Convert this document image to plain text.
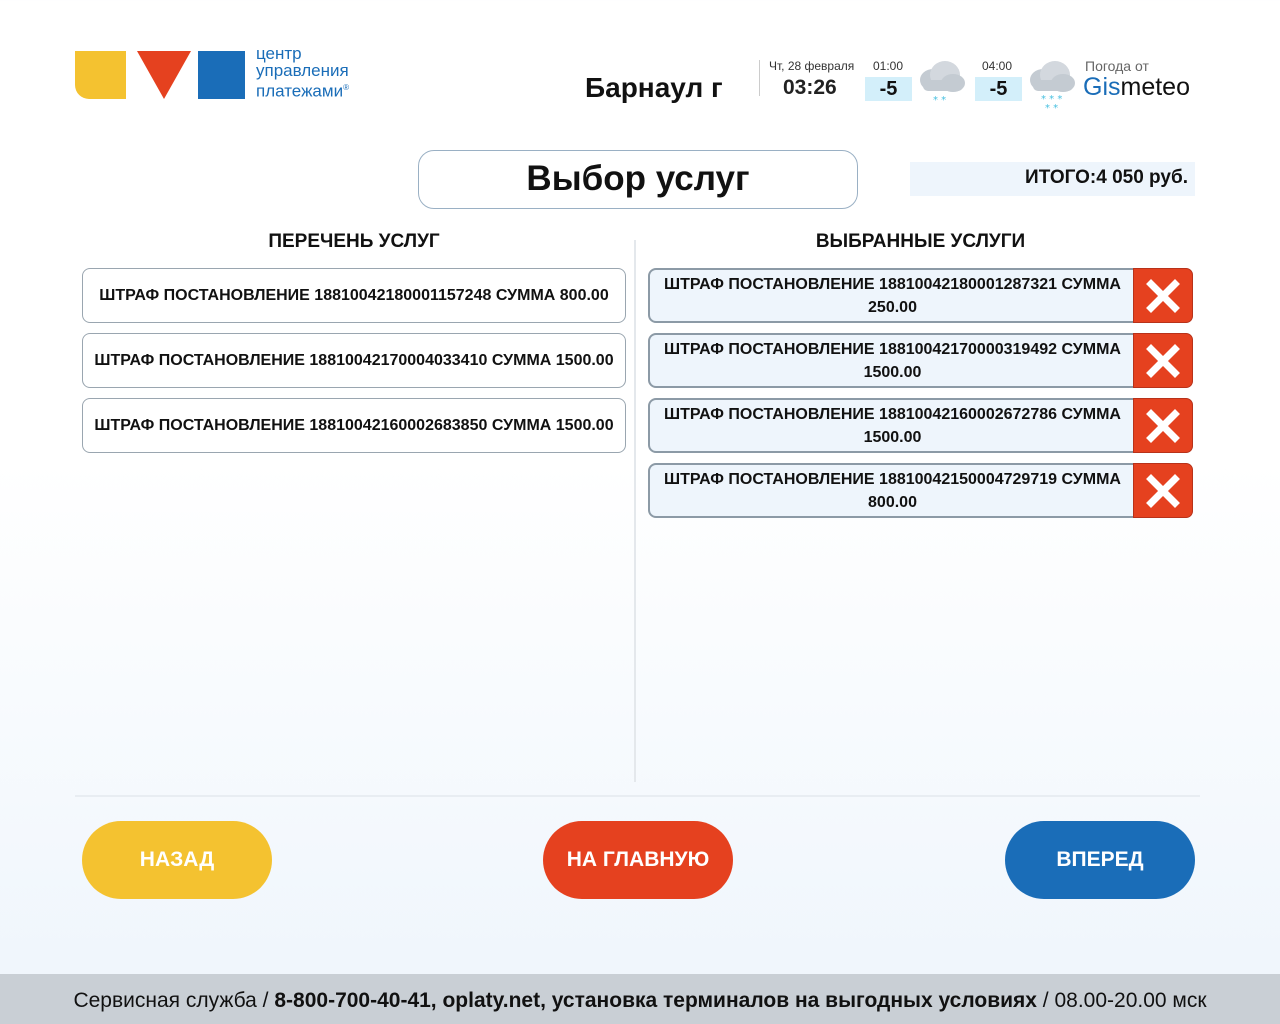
центр
управления
платежами®	Барнаул г
Чт, 28 февраля
03:26
01:00
-5
* *
04:00
-5	* * *
* *
Погода от
Gismeteo
Выбор услуг	ИТОГО:4 050 руб.
ПЕРЕЧЕНЬ УСЛУГ	ВЫБРАННЫЕ УСЛУГИ
ШТРАФ ПОСТАНОВЛЕНИЕ 18810042180001157248 СУММА 800.00
ШТРАФ ПОСТАНОВЛЕНИЕ 18810042170004033410 СУММА 1500.00
ШТРАФ ПОСТАНОВЛЕНИЕ 18810042160002683850 СУММА 1500.00
ШТРАФ ПОСТАНОВЛЕНИЕ 18810042180001287321 СУММА 250.00
ШТРАФ ПОСТАНОВЛЕНИЕ 18810042170000319492 СУММА 1500.00
ШТРАФ ПОСТАНОВЛЕНИЕ 18810042160002672786 СУММА 1500.00
ШТРАФ ПОСТАНОВЛЕНИЕ 18810042150004729719 СУММА 800.00
НАЗАД	НА ГЛАВНУЮ	ВПЕРЕД
Сервисная служба / 8-800-700-40-41, oplaty.net, установка терминалов на выгодных условиях / 08.00-20.00 мск
